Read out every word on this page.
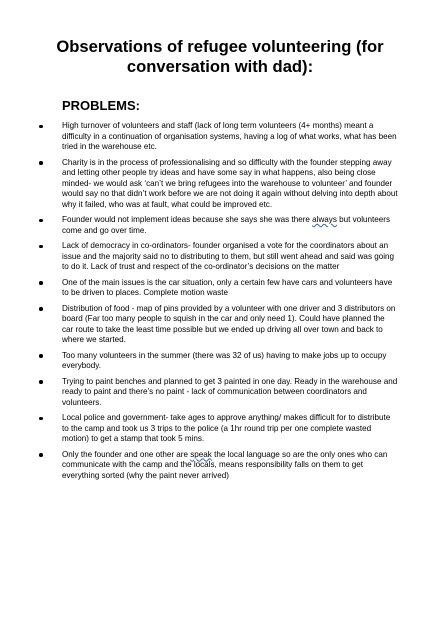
Observations of refugee volunteering (for
conversation with dad):
PROBLEMS:
High turnover of volunteers and staff (lack of long term volunteers (4+ months) meant a difficulty in a continuation of organisation systems, having a log of what works, what has been tried in the warehouse etc.
Charity is in the process of professionalising and so difficulty with the founder stepping away and letting other people try ideas and have some say in what happens, also being close minded- we would ask ‘can’t we bring refugees into the warehouse to volunteer’ and founder would say no that didn’t work before we are not doing it again without delving into depth about why it failed, who was at fault, what could be improved etc.
Founder would not implement ideas because she says she was there always but volunteers come and go over time.
Lack of democracy in co-ordinators- founder organised a vote for the coordinators about an issue and the majority said no to distributing to them, but still went ahead and said was going to do it. Lack of trust and respect of the co-ordinator’s decisions on the matter
One of the main issues is the car situation, only a certain few have cars and volunteers have to be driven to places. Complete motion waste
Distribution of food - map of pins provided by a volunteer with one driver and 3 distributors on board (Far too many people to squish in the car and only need 1). Could have planned the car route to take the least time possible but we ended up driving all over town and back to where we started.
Too many volunteers in the summer (there was 32 of us) having to make jobs up to occupy everybody.
Trying to paint benches and planned to get 3 painted in one day. Ready in the warehouse and ready to paint and there’s no paint - lack of communication between coordinators and volunteers.
Local police and government- take ages to approve anything/ makes difficult for to distribute to the camp and took us 3 trips to the police (a 1hr round trip per one complete wasted motion) to get a stamp that took 5 mins.
Only the founder and one other are speak the local language so are the only ones who can communicate with the camp and the locals, means responsibility falls on them to get everything sorted (why the paint never arrived)
